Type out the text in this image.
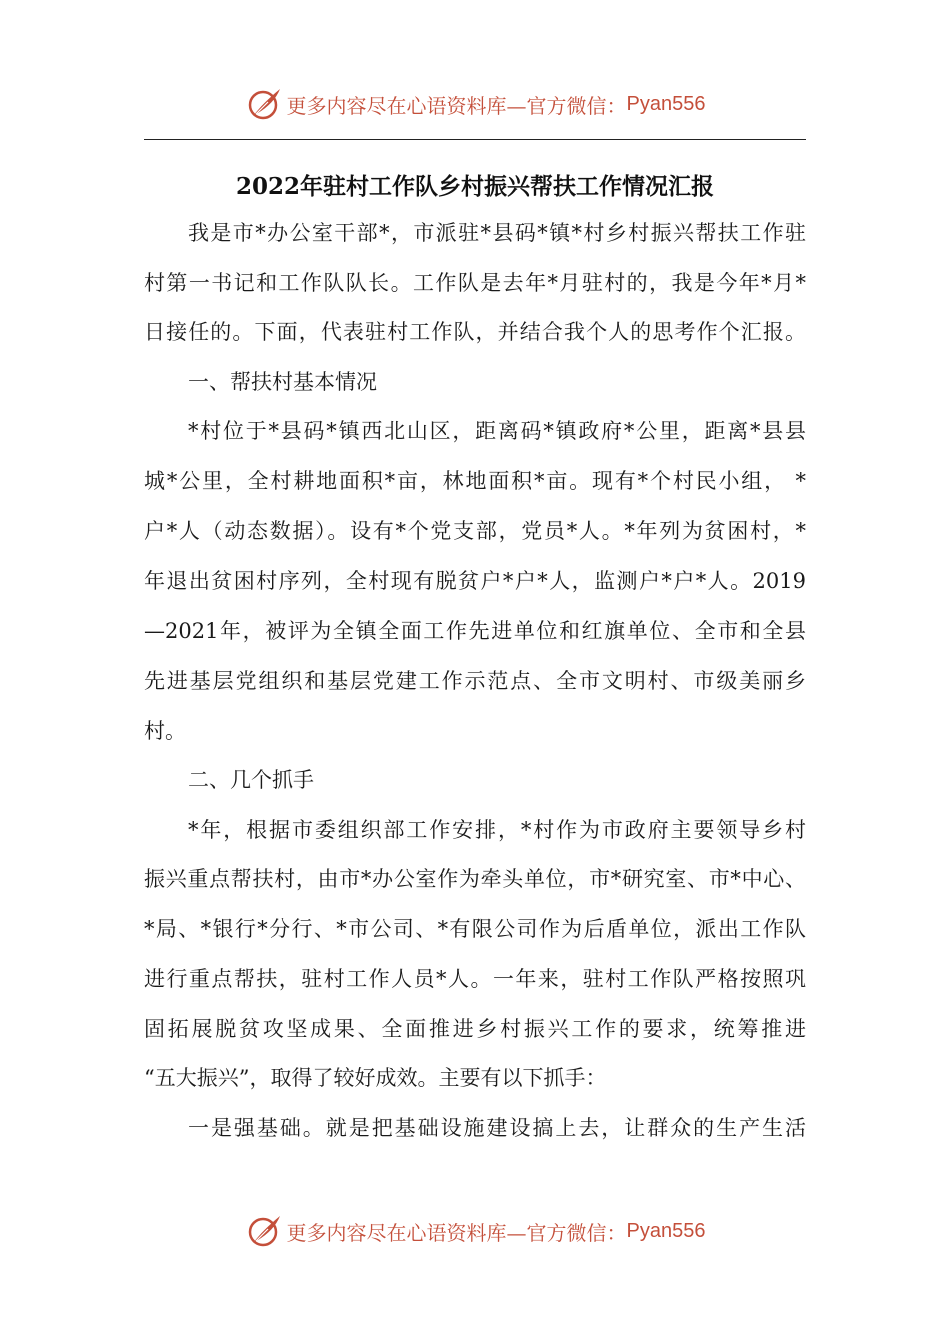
更多内容尽在心语资料库 —官方微信： Pyan556
2022年驻村工作队乡村振兴帮扶工作情况汇报
我是市*办公室干部*，市派驻*县码*镇*村乡村振兴帮扶工作驻
村第一书记和工作队队长。工作队是去年*月驻村的，我是今年*月*
日接任的。下面，代表驻村工作队，并结合我个人的思考作个汇报。
一、帮扶村基本情况
*村位于*县码*镇西北山区，距离码*镇政府*公里，距离*县县
城*公里，全村耕地面积*亩，林地面积*亩。现有*个村民小组， *
户*人（动态数据）。设有*个党支部，党员*人。*年列为贫困村，*
年退出贫困村序列，全村现有脱贫户*户*人，监测户*户*人。2019
—2021年，被评为全镇全面工作先进单位和红旗单位、全市和全县
先进基层党组织和基层党建工作示范点、全市文明村、市级美丽乡
村。
二、几个抓手
*年，根据市委组织部工作安排，*村作为市政府主要领导乡村
振兴重点帮扶村，由市*办公室作为牵头单位，市*研究室、市*中心、
*局、*银行*分行、*市公司、*有限公司作为后盾单位，派出工作队
进行重点帮扶，驻村工作人员*人。一年来，驻村工作队严格按照巩
固拓展脱贫攻坚成果、全面推进乡村振兴工作的要求，统筹推进
“五大振兴”，取得了较好成效。主要有以下抓手：
一是强基础。就是把基础设施建设搞上去，让群众的生产生活
更多内容尽在心语资料库 —官方微信： Pyan556
